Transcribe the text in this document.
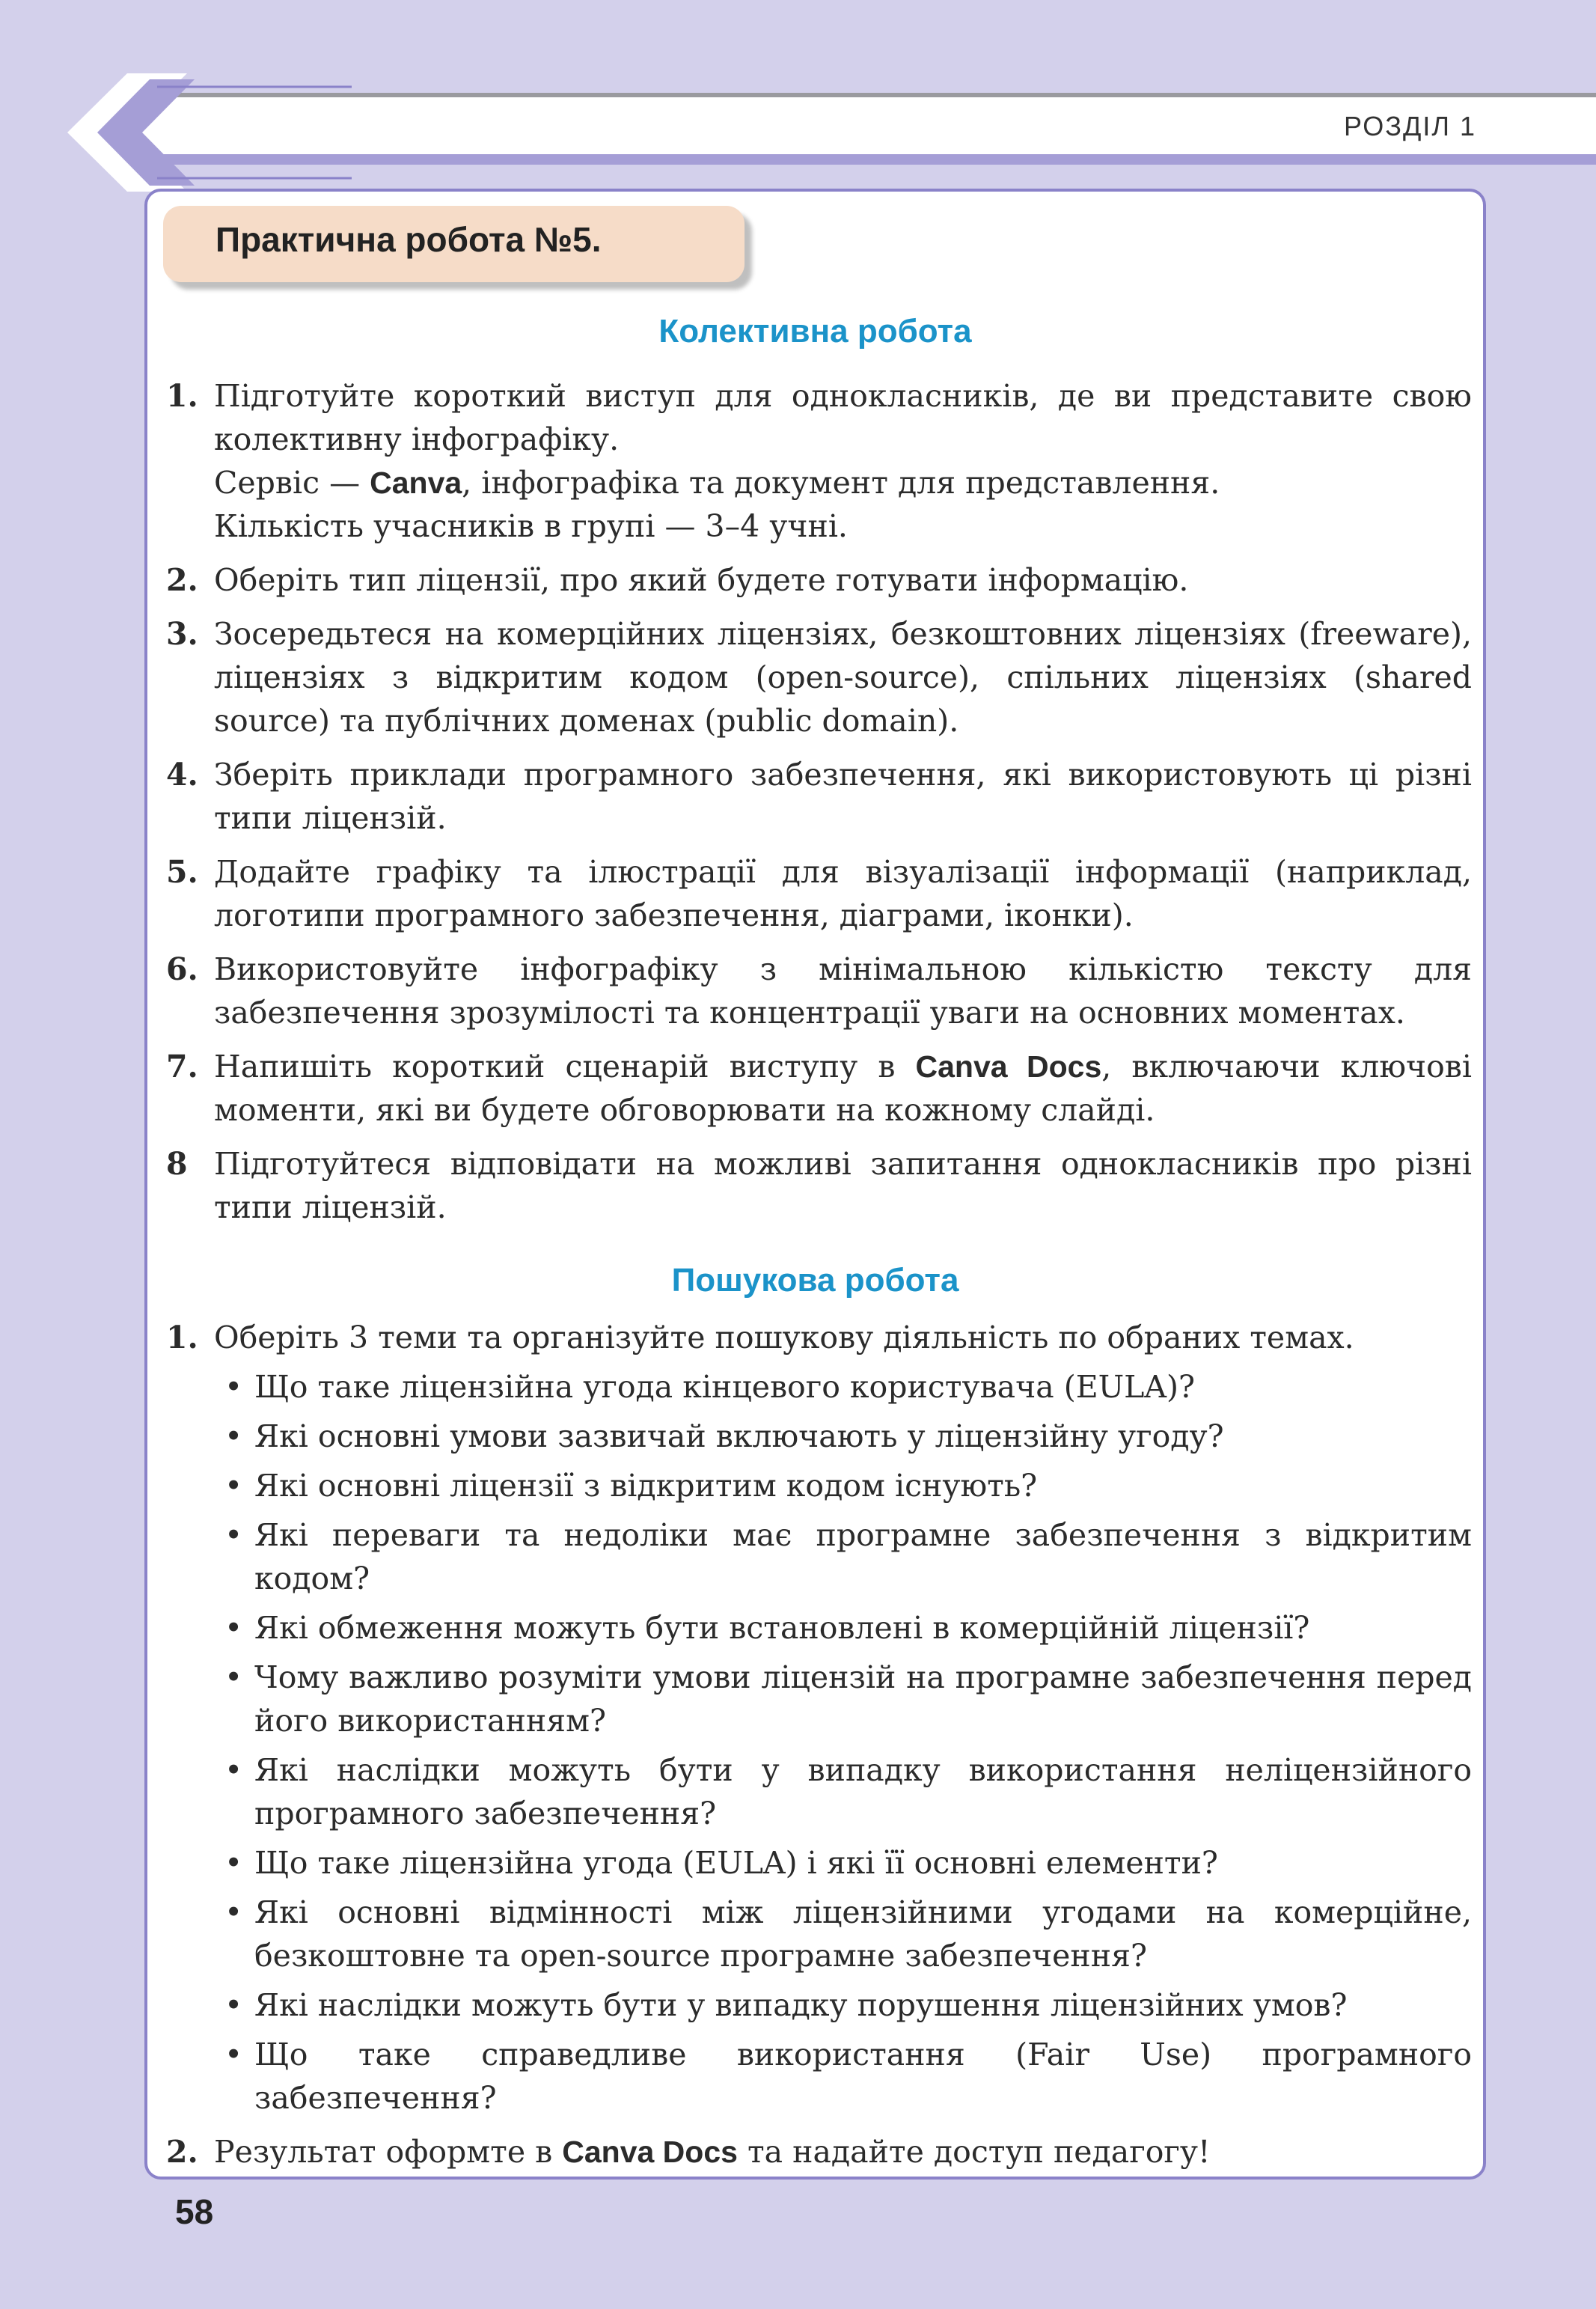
РОЗДІЛ 1
Практична робота №5.
Колективна робота
1. Підготуйте короткий виступ для однокласників, де ви представите свою колективну інфографіку.
Сервіс — Canva, інфографіка та документ для представлення.
Кількість учасників в групі — 3–4 учні.
2. Оберіть тип ліцензії, про який будете готувати інформацію.
3. Зосередьтеся на комерційних ліцензіях, безкоштовних ліцензіях (freeware), ліцензіях з відкритим кодом (open-source), спільних ліцензіях (shared source) та публічних доменах (public domain).
4. Зберіть приклади програмного забезпечення, які використовують ці різні типи ліцензій.
5. Додайте графіку та ілюстрації для візуалізації інформації (наприклад, логотипи програмного забезпечення, діаграми, іконки).
6. Використовуйте інфографіку з мінімальною кількістю тексту для забезпечення зрозумілості та концентрації уваги на основних моментах.
7. Напишіть короткий сценарій виступу в Canva Docs, включаючи ключові моменти, які ви будете обговорювати на кожному слайді.
8 Підготуйтеся відповідати на можливі запитання однокласників про різні типи ліцензій.
Пошукова робота
1. Оберіть 3 теми та організуйте пошукову діяльність по обраних темах.
• Що таке ліцензійна угода кінцевого користувача (EULA)?
• Які основні умови зазвичай включають у ліцензійну угоду?
• Які основні ліцензії з відкритим кодом існують?
• Які переваги та недоліки має програмне забезпечення з відкритим кодом?
• Які обмеження можуть бути встановлені в комерційній ліцензії?
• Чому важливо розуміти умови ліцензій на програмне забезпечення перед його використанням?
• Які наслідки можуть бути у випадку використання неліцензійного програмного забезпечення?
• Що таке ліцензійна угода (EULA) і які її основні елементи?
• Які основні відмінності між ліцензійними угодами на комерційне, безкоштовне та open-source програмне забезпечення?
• Які наслідки можуть бути у випадку порушення ліцензійних умов?
• Що таке справедливе використання (Fair Use) програмного забезпечення?
2. Результат оформте в Canva Docs та надайте доступ педагогу!
58
